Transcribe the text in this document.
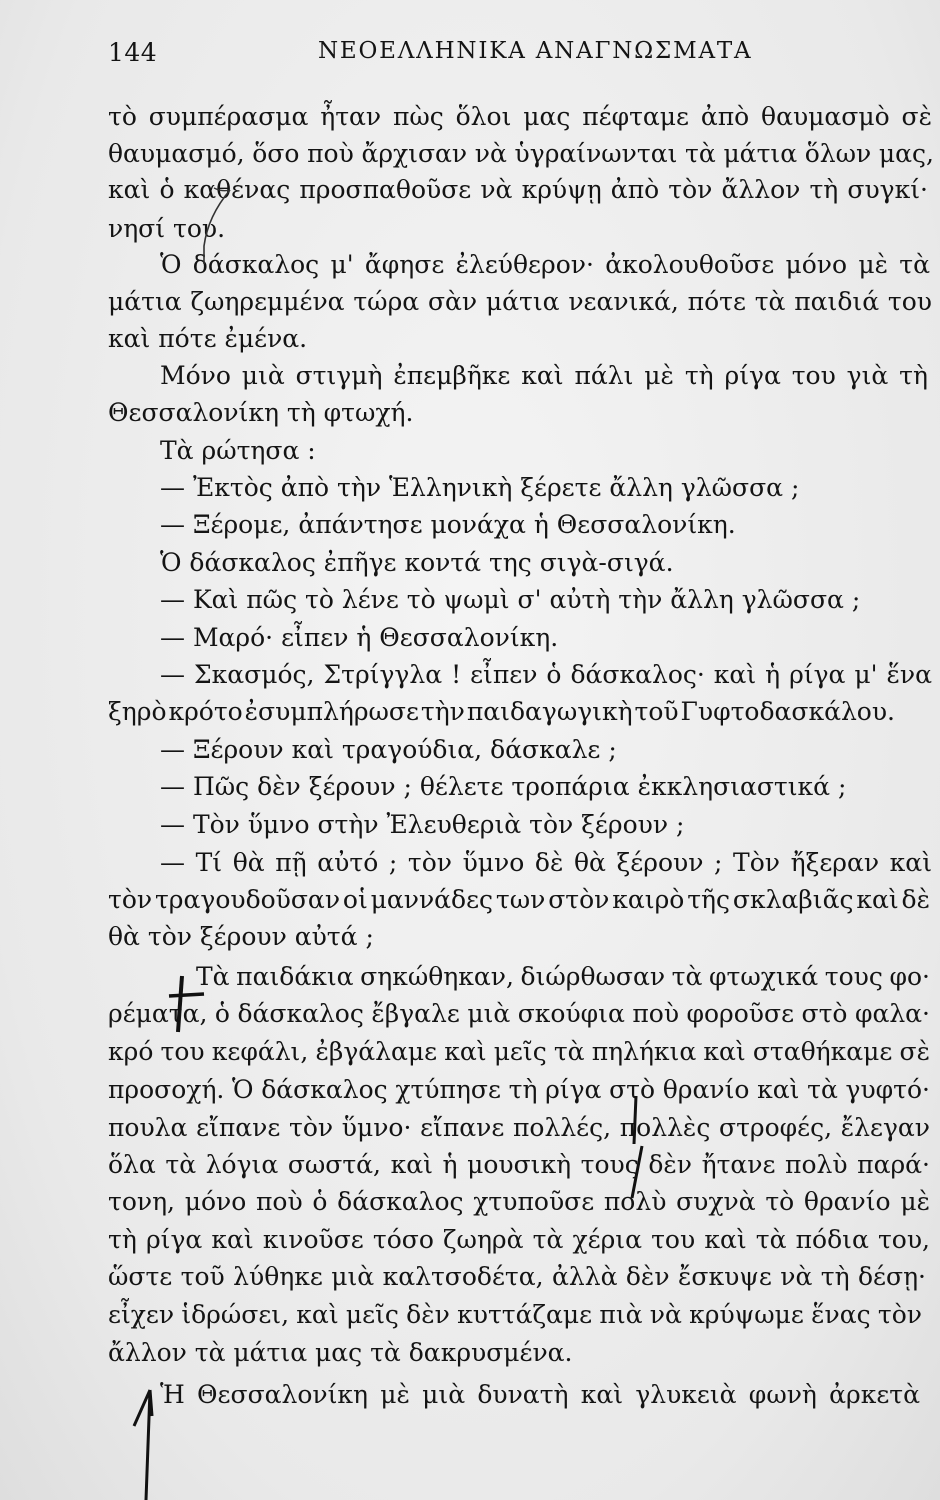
144	ΝΕΟΕΛΛΗΝΙΚΑ ΑΝΑΓΝΩΣΜΑΤΑ
τὸ συμπέρασμα ἦταν πὼς ὅλοι μας πέφταμε ἀπὸ θαυμασμὸ σὲ
θαυμασμό, ὅσο ποὺ ἄρχισαν νὰ ὑγραίνωνται τὰ μάτια ὅλων μας,
καὶ ὁ καθένας προσπαθοῦσε νὰ κρύψῃ ἀπὸ τὸν ἄλλον τὴ συγκί·
νησί του.
Ὁ δάσκαλος μ' ἄφησε ἐλεύθερον· ἀκολουθοῦσε μόνο μὲ τὰ
μάτια ζωηρεμμένα τώρα σὰν μάτια νεανικά, πότε τὰ παιδιά του
καὶ πότε ἐμένα.
Μόνο μιὰ στιγμὴ ἐπεμβῆκε καὶ πάλι μὲ τὴ ρίγα του γιὰ τὴ
Θεσσαλονίκη τὴ φτωχή.
Τὰ ρώτησα :
— Ἐκτὸς ἀπὸ τὴν Ἑλληνικὴ ξέρετε ἄλλη γλῶσσα ;
— Ξέρομε, ἀπάντησε μονάχα ἡ Θεσσαλονίκη.
Ὁ δάσκαλος ἐπῆγε κοντά της σιγὰ-σιγά.
— Καὶ πῶς τὸ λένε τὸ ψωμὶ σ' αὐτὴ τὴν ἄλλη γλῶσσα ;
— Μαρό· εἶπεν ἡ Θεσσαλονίκη.
— Σκασμός, Στρίγγλα ! εἶπεν ὁ δάσκαλος· καὶ ἡ ρίγα μ' ἕνα
ξηρὸ κρότο ἐσυμπλήρωσε τὴν παιδαγωγικὴ τοῦ Γυφτοδασκάλου.
— Ξέρουν καὶ τραγούδια, δάσκαλε ;
— Πῶς δὲν ξέρουν ; θέλετε τροπάρια ἐκκλησιαστικά ;
— Τὸν ὕμνο στὴν Ἐλευθεριὰ τὸν ξέρουν ;
— Τί θὰ πῇ αὐτό ; τὸν ὕμνο δὲ θὰ ξέρουν ; Τὸν ἤξεραν καὶ
τὸν τραγουδοῦσαν οἱ μαννάδες των στὸν καιρὸ τῆς σκλαβιᾶς καὶ δὲ
θὰ τὸν ξέρουν αὐτά ;
Τὰ παιδάκια σηκώθηκαν, διώρθωσαν τὰ φτωχικά τους φο·
ρέματα, ὁ δάσκαλος ἔβγαλε μιὰ σκούφια ποὺ φοροῦσε στὸ φαλα·
κρό του κεφάλι, ἐβγάλαμε καὶ μεῖς τὰ πηλήκια καὶ σταθήκαμε σὲ
προσοχή. Ὁ δάσκαλος χτύπησε τὴ ρίγα στὸ θρανίο καὶ τὰ γυφτό·
πουλα εἴπανε τὸν ὕμνο· εἴπανε πολλές, πολλὲς στροφές, ἔλεγαν
ὅλα τὰ λόγια σωστά, καὶ ἡ μουσικὴ τους δὲν ἤτανε πολὺ παρά·
τονη, μόνο ποὺ ὁ δάσκαλος χτυποῦσε πολὺ συχνὰ τὸ θρανίο μὲ
τὴ ρίγα καὶ κινοῦσε τόσο ζωηρὰ τὰ χέρια του καὶ τὰ πόδια του,
ὥστε τοῦ λύθηκε μιὰ καλτσοδέτα, ἀλλὰ δὲν ἔσκυψε νὰ τὴ δέσῃ·
εἶχεν ἱδρώσει, καὶ μεῖς δὲν κυττάζαμε πιὰ νὰ κρύψωμε ἕνας τὸν
ἄλλον τὰ μάτια μας τὰ δακρυσμένα.
Ἡ Θεσσαλονίκη μὲ μιὰ δυνατὴ καὶ γλυκειὰ φωνὴ ἀρκετὰ
